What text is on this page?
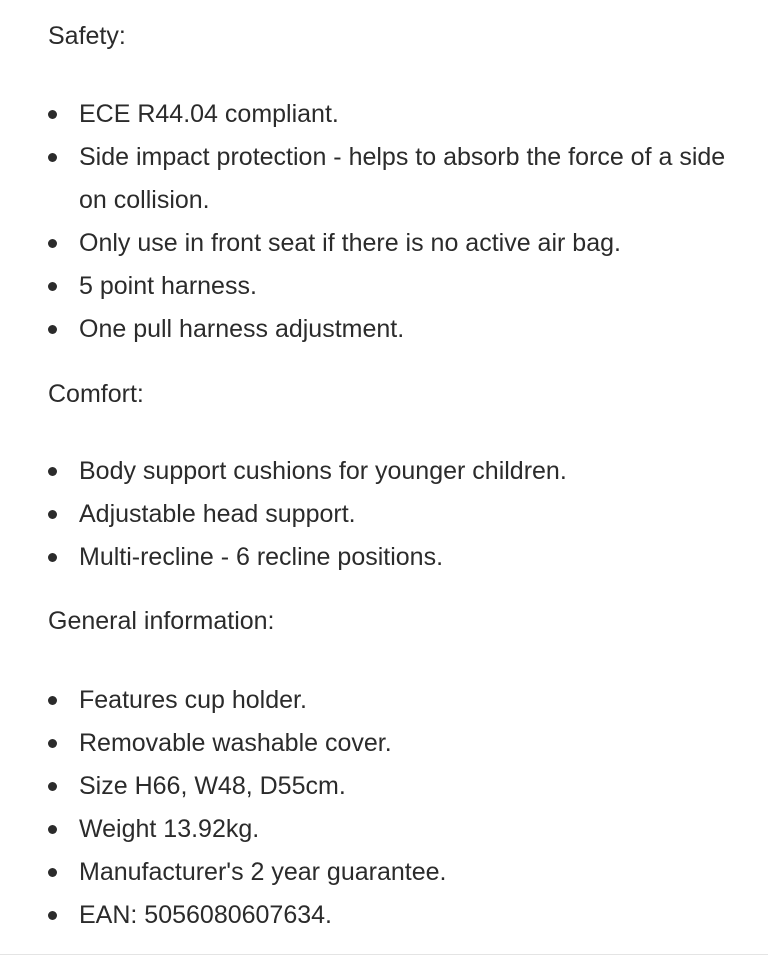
Safety:
ECE R44.04 compliant.
Side impact protection - helps to absorb the force of a side on collision.
Only use in front seat if there is no active air bag.
5 point harness.
One pull harness adjustment.
Comfort:
Body support cushions for younger children.
Adjustable head support.
Multi-recline - 6 recline positions.
General information:
Features cup holder.
Removable washable cover.
Size H66, W48, D55cm.
Weight 13.92kg.
Manufacturer's 2 year guarantee.
EAN: 5056080607634.
